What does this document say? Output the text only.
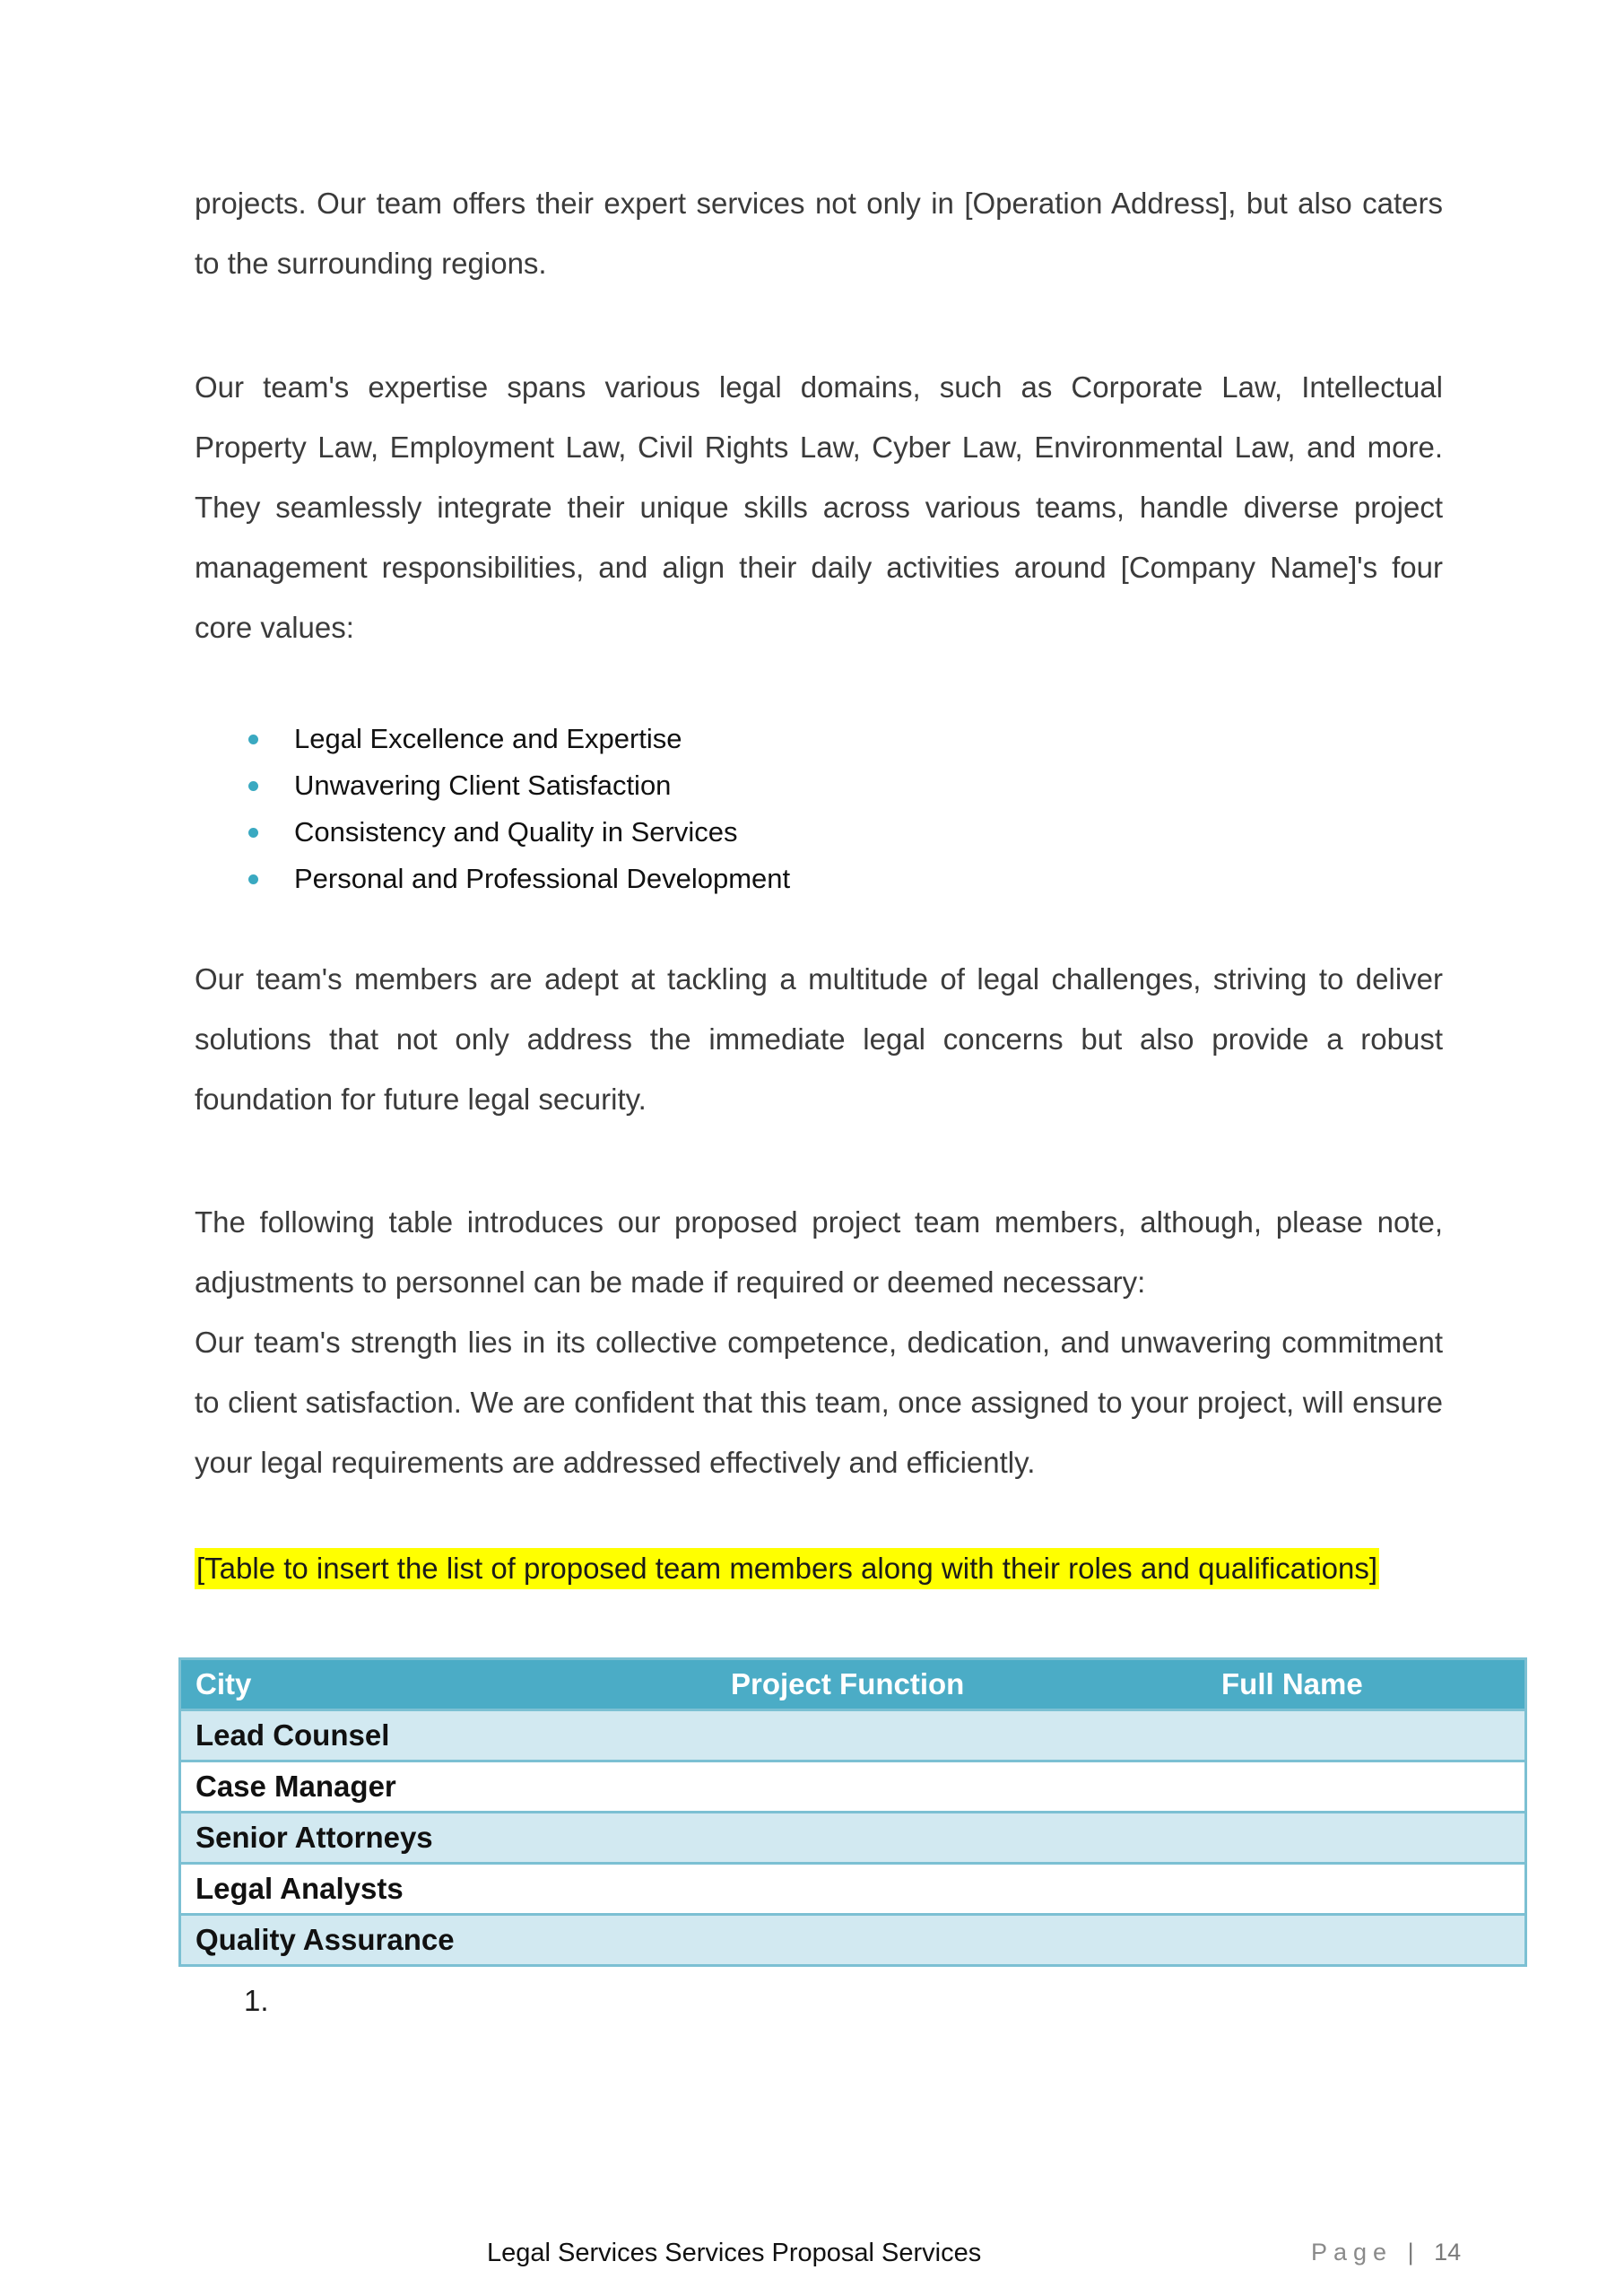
projects. Our team offers their expert services not only in [Operation Address], but also caters to the surrounding regions.

Our team's expertise spans various legal domains, such as Corporate Law, Intellectual Property Law, Employment Law, Civil Rights Law, Cyber Law, Environmental Law, and more. They seamlessly integrate their unique skills across various teams, handle diverse project management responsibilities, and align their daily activities around [Company Name]'s four core values:

Legal Excellence and Expertise
Unwavering Client Satisfaction
Consistency and Quality in Services
Personal and Professional Development

Our team's members are adept at tackling a multitude of legal challenges, striving to deliver solutions that not only address the immediate legal concerns but also provide a robust foundation for future legal security.

The following table introduces our proposed project team members, although, please note, adjustments to personnel can be made if required or deemed necessary:

Our team's strength lies in its collective competence, dedication, and unwavering commitment to client satisfaction. We are confident that this team, once assigned to your project, will ensure your legal requirements are addressed effectively and efficiently.

[Table to insert the list of proposed team members along with their roles and qualifications]
City	Project Function	Full Name
Lead Counsel		
Case Manager		
Senior Attorneys		
Legal Analysts		
Quality Assurance		
1.
Legal Services Services Proposal Services	Page | 14
